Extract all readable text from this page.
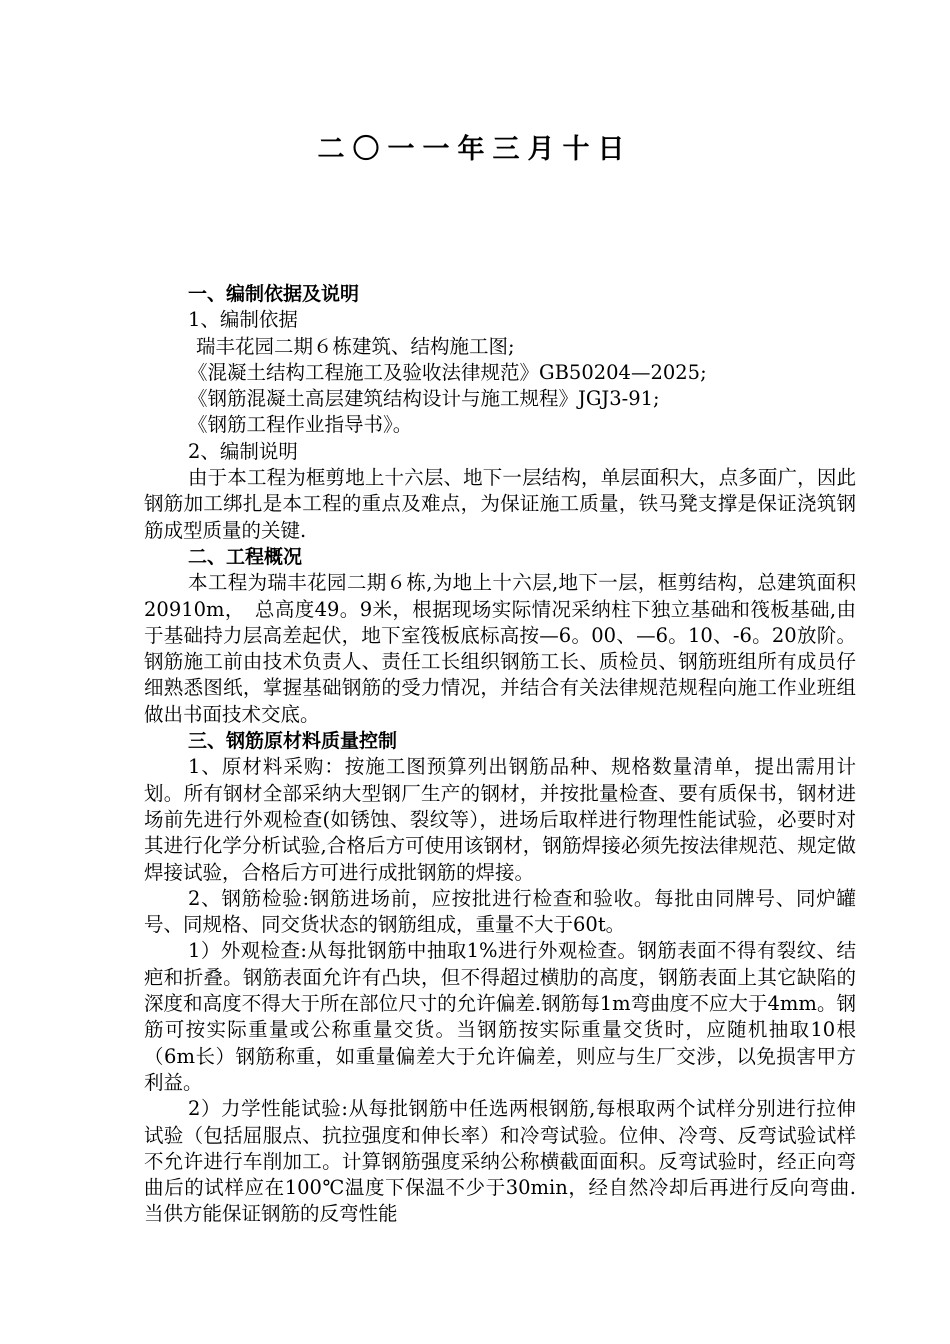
二〇一一年三月十日

一、编制依据及说明

1、编制依据

瑞丰花园二期６栋建筑、结构施工图;

《混凝土结构工程施工及验收法律规范》GB50204—2025;

《钢筋混凝土高层建筑结构设计与施工规程》JGJ3-91;

《钢筋工程作业指导书》。

2、编制说明

由于本工程为框剪地上十六层、地下一层结构，单层面积大，点多面广，因此钢筋加工绑扎是本工程的重点及难点，为保证施工质量，铁马凳支撑是保证浇筑钢筋成型质量的关键.

二、工程概况

本工程为瑞丰花园二期６栋,为地上十六层,地下一层，框剪结构，总建筑面积20910m，　总高度49。9米，根据现场实际情况采纳柱下独立基础和筏板基础,由于基础持力层高差起伏，地下室筏板底标高按—6。00、—6。10、-6。20放阶。钢筋施工前由技术负责人、责任工长组织钢筋工长、质检员、钢筋班组所有成员仔细熟悉图纸，掌握基础钢筋的受力情况，并结合有关法律规范规程向施工作业班组做出书面技术交底。

三、钢筋原材料质量控制

1、原材料采购：按施工图预算列出钢筋品种、规格数量清单，提出需用计划。所有钢材全部采纳大型钢厂生产的钢材，并按批量检查、要有质保书，钢材进场前先进行外观检查(如锈蚀、裂纹等），进场后取样进行物理性能试验，必要时对其进行化学分析试验,合格后方可使用该钢材，钢筋焊接必须先按法律规范、规定做焊接试验，合格后方可进行成批钢筋的焊接。

2、钢筋检验:钢筋进场前，应按批进行检查和验收。每批由同牌号、同炉罐号、同规格、同交货状态的钢筋组成，重量不大于60t。

1）外观检查:从每批钢筋中抽取1%进行外观检查。钢筋表面不得有裂纹、结疤和折叠。钢筋表面允许有凸块，但不得超过横肋的高度，钢筋表面上其它缺陷的深度和高度不得大于所在部位尺寸的允许偏差.钢筋每1m弯曲度不应大于4mm。钢筋可按实际重量或公称重量交货。当钢筋按实际重量交货时，应随机抽取10根（6m长）钢筋称重，如重量偏差大于允许偏差，则应与生厂交涉，以免损害甲方利益。

2）力学性能试验:从每批钢筋中任选两根钢筋,每根取两个试样分别进行拉伸试验（包括屈服点、抗拉强度和伸长率）和冷弯试验。位伸、冷弯、反弯试验试样不允许进行车削加工。计算钢筋强度采纳公称横截面面积。反弯试验时，经正向弯曲后的试样应在100℃温度下保温不少于30min，经自然冷却后再进行反向弯曲.当供方能保证钢筋的反弯性能
